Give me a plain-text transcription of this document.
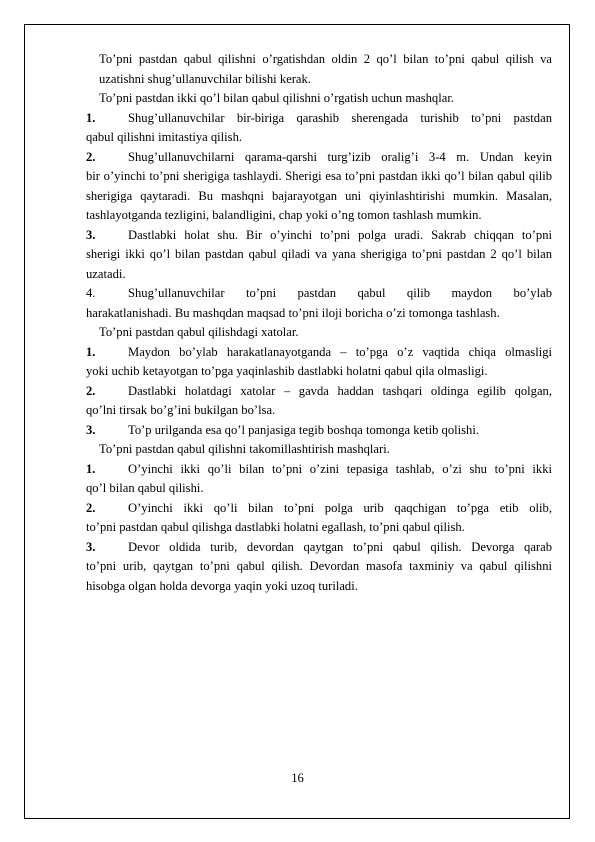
To’pni pastdan qabul qilishni o’rgatishdan oldin 2 qo’l bilan to’pni qabul qilish va uzatishni shug’ullanuvchilar bilishi kerak.

To’pni pastdan ikki qo’l bilan qabul qilishni o’rgatish uchun mashqlar.

1.	Shug’ullanuvchilar bir-biriga qarashib sherengada turishib to’pni pastdan
qabul qilishni imitastiya qilish.
2.	Shug’ullanuvchilarni qarama-qarshi turg’izib oralig’i 3-4 m. Undan keyin
bir o’yinchi to’pni sherigiga tashlaydi. Sherigi esa to’pni pastdan ikki qo’l bilan qabul qilib sherigiga qaytaradi. Bu mashqni bajarayotgan uni qiyinlashtirishi mumkin. Masalan, tashlayotganda tezligini, balandligini, chap yoki o’ng tomon tashlash mumkin.
3.	Dastlabki holat shu. Bir o’yinchi to’pni polga uradi. Sakrab chiqqan to’pni
sherigi ikki qo’l bilan pastdan qabul qiladi va yana sherigiga to’pni pastdan 2 qo’l bilan uzatadi.
4.	Shug’ullanuvchilar to’pni pastdan qabul qilib maydon bo’ylab
harakatlanishadi. Bu mashqdan maqsad to’pni iloji boricha o’zi tomonga tashlash.

To’pni pastdan qabul qilishdagi xatolar.

1.	Maydon bo’ylab harakatlanayotganda – to’pga o’z vaqtida chiqa olmasligi
yoki uchib ketayotgan to’pga yaqinlashib dastlabki holatni qabul qila olmasligi.
2.	Dastlabki holatdagi xatolar – gavda haddan tashqari oldinga egilib qolgan,
qo’lni tirsak bo’g’ini bukilgan bo’lsa.
3.	To’p urilganda esa qo’l panjasiga tegib boshqa tomonga ketib qolishi.

To’pni pastdan qabul qilishni takomillashtirish mashqlari.

1.	O’yinchi ikki qo’li bilan to’pni o’zini tepasiga tashlab, o’zi shu to’pni ikki
qo’l bilan qabul qilishi.
2.	O’yinchi ikki qo’li bilan to’pni polga urib qaqchigan to’pga etib olib,
to’pni pastdan qabul qilishga dastlabki holatni egallash, to’pni qabul qilish.
3.	Devor oldida turib, devordan qaytgan to’pni qabul qilish. Devorga qarab
to’pni urib, qaytgan to’pni qabul qilish. Devordan masofa taxminiy va qabul qilishni hisobga olgan holda devorga yaqin yoki uzoq turiladi.
16
